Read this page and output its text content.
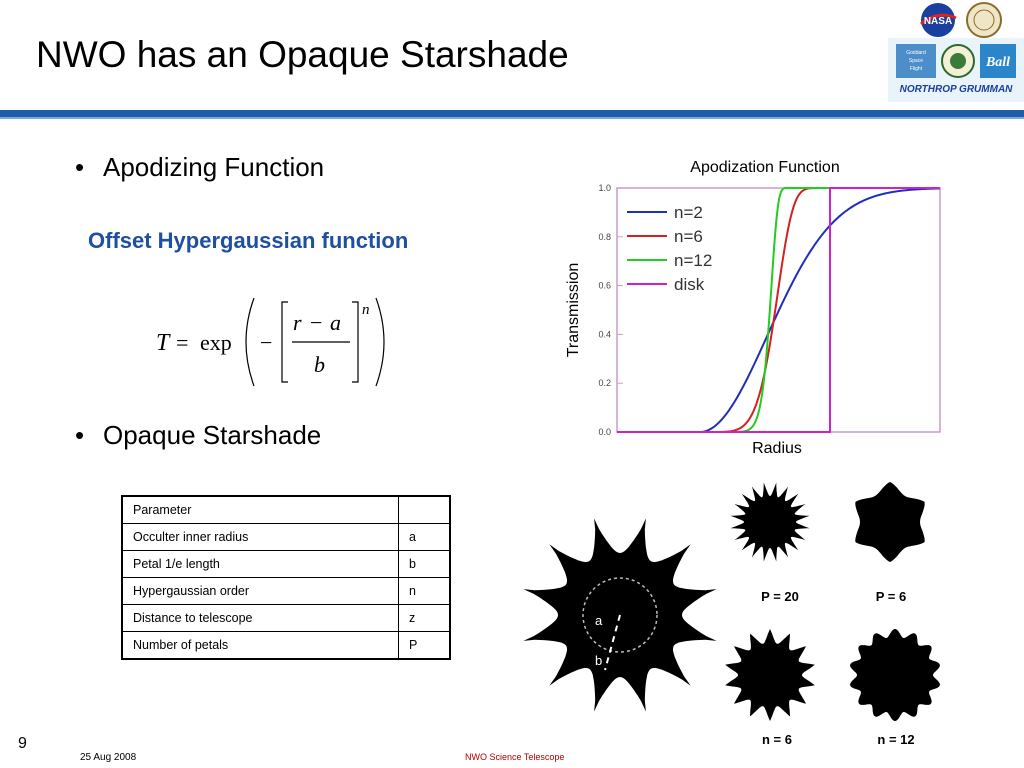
NWO has an Opaque Starshade
NASA
Goddard
Space
Flight	Ball
NORTHROP GRUMMAN
• Apodizing Function
Offset Hypergaussian function
T = exp −
r − a
b
n
• Opaque Starshade
Parameter	
Occulter inner radius	a
Petal 1/e length	b
Hypergaussian order	n
Distance to telescope	z
Number of petals	P
Apodization Function
Radius
Transmission
0.0
0.2
0.4
0.6
0.8
1.0
n=2
n=6
n=12
disk
a
b
P = 20	P = 6
n = 6	n = 12
9
25 Aug 2008	NWO Science Telescope
